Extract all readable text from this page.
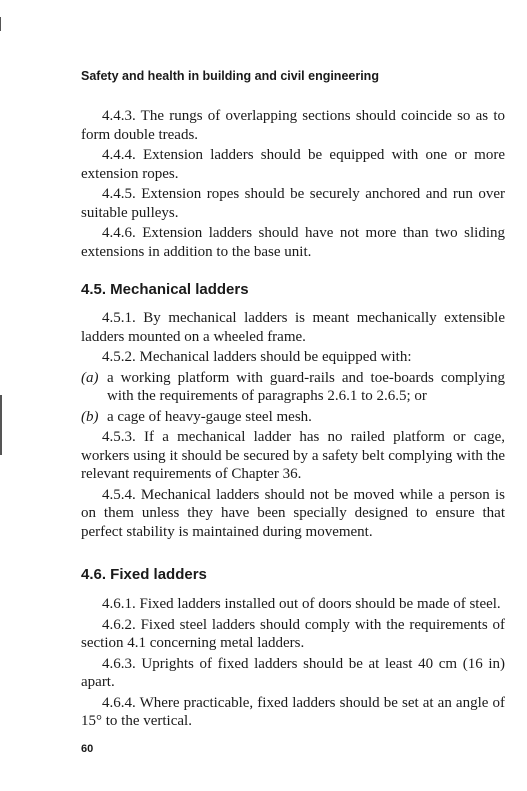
Safety and health in building and civil engineering

4.4.3. The rungs of overlapping sections should coincide so as to form double treads.

4.4.4. Extension ladders should be equipped with one or more extension ropes.

4.4.5. Extension ropes should be securely anchored and run over suitable pulleys.

4.4.6. Extension ladders should have not more than two sliding extensions in addition to the base unit.

4.5. Mechanical ladders

4.5.1. By mechanical ladders is meant mechanically extensible ladders mounted on a wheeled frame.

4.5.2. Mechanical ladders should be equipped with:

(a) a working platform with guard-rails and toe-boards complying with the requirements of paragraphs 2.6.1 to 2.6.5; or

(b) a cage of heavy-gauge steel mesh.

4.5.3. If a mechanical ladder has no railed platform or cage, workers using it should be secured by a safety belt complying with the relevant requirements of Chapter 36.

4.5.4. Mechanical ladders should not be moved while a person is on them unless they have been specially designed to ensure that perfect stability is maintained during movement.

4.6. Fixed ladders

4.6.1. Fixed ladders installed out of doors should be made of steel.

4.6.2. Fixed steel ladders should comply with the requirements of section 4.1 concerning metal ladders.

4.6.3. Uprights of fixed ladders should be at least 40 cm (16 in) apart.

4.6.4. Where practicable, fixed ladders should be set at an angle of 15° to the vertical.

60
